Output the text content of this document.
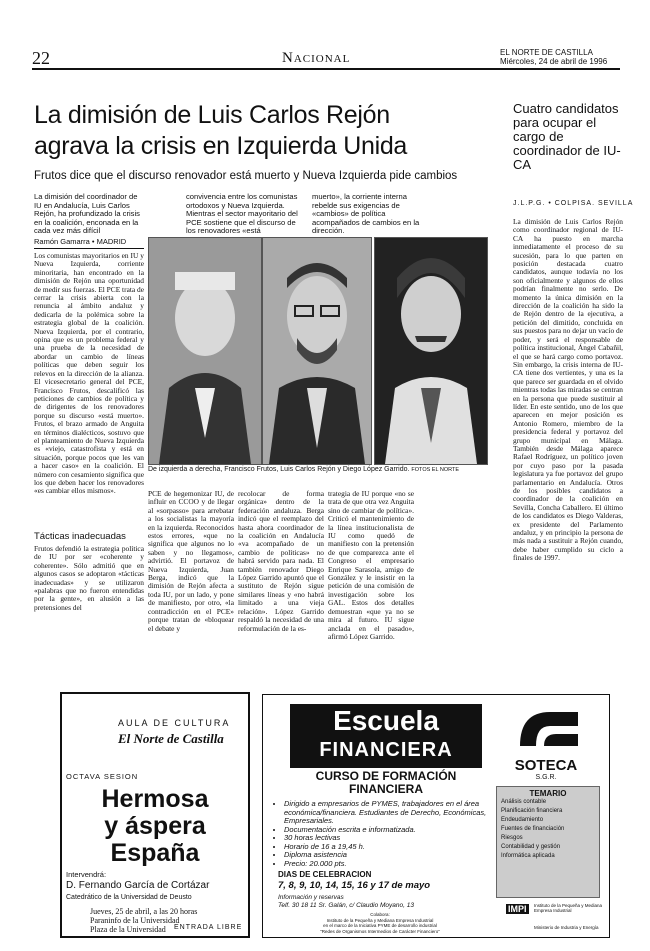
22	Nacional	EL NORTE DE CASTILLA
Miércoles, 24 de abril de 1996
La dimisión de Luis Carlos Rejón agrava la crisis en Izquierda Unida
Frutos dice que el discurso renovador está muerto y Nueva Izquierda pide cambios
La dimisión del coordinador de IU en Andalucía, Luis Carlos Rejón, ha profundizado la crisis en la coalición, enconada en la cada vez más difícil
convivencia entre los comunistas ortodoxos y Nueva Izquierda. Mientras el sector mayoritario del PCE sostiene que el discurso de los renovadores «está
muerto», la corriente interna rebelde sus exigencias de «cambios» de política acompañados de cambios en la dirección.
Ramón Gamarra • MADRID
Los comunistas mayoritarios en IU y Nueva Izquierda, corriente minoritaria, han encontrado en la dimisión de Rejón una oportunidad de medir sus fuerzas. El PCE trata de cerrar la crisis abierta con la renuncia al ámbito andaluz y dedicarla de la polémica sobre la estrategia global de la coalición. Nueva Izquierda, por el contrario, opina que es un problema federal y una prueba de la necesidad de abordar un cambio de líneas políticas que deben seguir los relevos en la dirección de la alianza. El vicesecretario general del PCE, Francisco Frutos, descalificó las peticiones de cambios de política y de dirigentes de los renovadores porque su discurso «está muerto». Frutos, el brazo armado de Anguita en términos dialécticos, sostuvo que el planteamiento de Nueva Izquierda es «viejo, catastrofista y está en situación, porque pocos que les van a hacer caso» en la coalición. El número con cesamiento significa que los que deben hacer los renovadores «es cambiar ellos mismos».
Tácticas inadecuadas
Frutos defendió la estrategia política de IU por ser «coherente y coherente». Sólo admitió que en algunos casos se adoptaron «tácticas inadecuadas» y se utilizaron «palabras que no fueron entendidas por la gente», en alusión a las pretensiones del
De izquierda a derecha, Francisco Frutos, Luis Carlos Rejón y Diego López Garrido. FOTOS EL NORTE
PCE de hegemonizar IU, de influir en CCOO y de llegar al «sorpasso» para arrebatar a los socialistas la mayoría en la izquierda. Reconocidos estos errores, «que no significa que algunos no lo saben y no llegamos», advirtió. El portavoz de Nueva Izquierda, Juan Berga, indicó que la dimisión de Rejón afecta a toda IU, por un lado, y pone de manifiesto, por otro, «la contradicción en el PCE» porque tratan de «bloquear el debate y
recolocar de forma orgánica» dentro de la federación andaluza. Berga indicó que el reemplazo del hasta ahora coordinador de la coalición en Andalucía «va acompañado de un cambio de políticas» no habrá servido para nada. El también renovador Diego López Garrido apuntó que el sustituto de Rejón sigue similares líneas y «no habrá limitado a una vieja relación». López Garrido respaldó la necesidad de una reformulación de la es-
trategia de IU porque «no se trata de que otra vez Anguita sino de cambiar de política». Criticó el mantenimiento de la línea institucionalista de IU como quedó de manifiesto con la pretensión de que comparezca ante el Congreso el empresario Enrique Sarasola, amigo de González y le insistir en la petición de una comisión de investigación sobre los GAL. Estos dos detalles demuestran «que ya no se mira al futuro. IU sigue anclada en el pasado», afirmó López Garrido.
Cuatro candidatos para ocupar el cargo de coordinador de IU-CA
J.L.P.G. • COLPISA. SEVILLA
La dimisión de Luis Carlos Rejón como coordinador regional de IU-CA ha puesto en marcha inmediatamente el proceso de su sucesión, para lo que parten en posición destacada cuatro candidatos, aunque todavía no los son oficialmente y algunos de ellos podrían finalmente no serlo. De momento la única dimisión en la dirección de la coalición ha sido la de Rejón dentro de la ejecutiva, a petición del dimitido, concluida en sus puestos para no dejar un vacío de poder, y será el responsable de política institucional, Ángel Cabañil, el que se hará cargo como portavoz. Sin embargo, la crisis interna de IU-CA tiene dos vertientes, y una es la que parece ser guardada en el olvido mientras todas las miradas se centran en la persona que puede sustituir al líder. En este sentido, uno de los que aparecen en mejor posición es Antonio Romero, miembro de la presidencia federal y portavoz del grupo municipal en Málaga. También desde Málaga aparece Rafael Rodríguez, un político joven por cuyo paso por la pasada legislatura ya fue portavoz del grupo parlamentario en Andalucía. Otros de los posibles candidatos a coordinador de la coalición en Sevilla, Concha Caballero. El último de los candidatos es Diego Valderas, ex presidente del Parlamento andaluz, y en principio la persona de más nada a sustituir a Rejón cuando, debe haber cumplido su ciclo a finales de 1997.
AULA DE CULTURA
El Norte de Castilla
OCTAVA SESION
Hermosa
y áspera
España
Intervendrá:
D. Fernando García de Cortázar
Catedrático de la Universidad de Deusto
Jueves, 25 de abril, a las 20 horas
Paraninfo de la Universidad
Plaza de la Universidad	ENTRADA LIBRE
Escuela
FINANCIERA
CURSO DE FORMACIÓN
FINANCIERA
• Dirigido a empresarios de PYMES, trabajadores en el área económica/financiera. Estudiantes de Derecho, Económicas, Empresariales.
• Documentación escrita e informatizada.
• 30 horas lectivas
• Horario de 16 a 19,45 h.
• Diploma asistencia
• Precio: 20.000 pts.
DIAS DE CELEBRACION
7, 8, 9, 10, 14, 15, 16 y 17 de mayo
Información y reservas
Telf. 30 18 11 Sr. Galán, c/ Claudio Moyano, 13
Colabora:
Instituto de la Pequeña y Mediana Empresa Industrial
en el marco de la Iniciativa PYME de desarrollo industrial
"Redes de Organismos Intermedios de Carácter Financiero"
SOTECA
S.G.R.
TEMARIO
Análisis contable
Planificación financiera
Endeudamiento
Fuentes de financiación
Riesgos
Contabilidad y gestión
Informática aplicada
IMPI	Instituto de la Pequeña y Mediana Empresa Industrial
Ministerio de Industria y Energía
